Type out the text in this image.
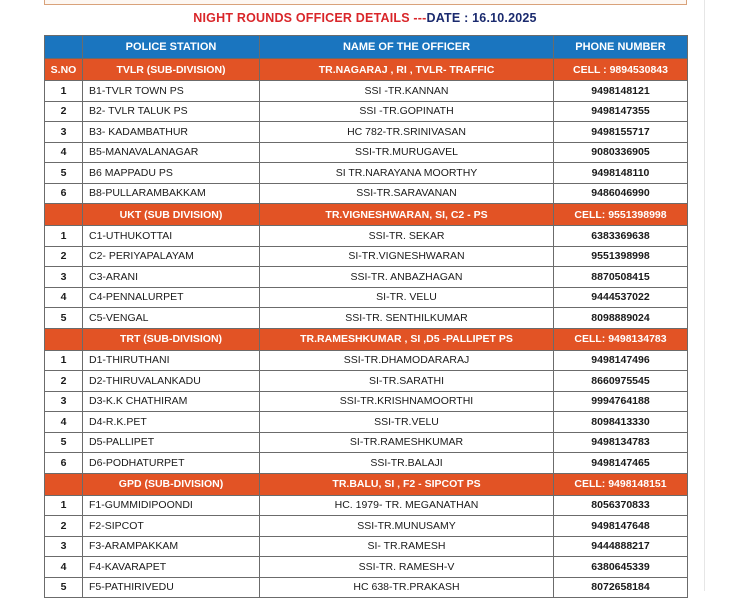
NIGHT ROUNDS OFFICER DETAILS ---DATE : 16.10.2025
	POLICE STATION	NAME OF THE OFFICER	PHONE NUMBER
S.NO	TVLR (SUB-DIVISION)	TR.NAGARAJ , RI , TVLR- TRAFFIC	CELL : 9894530843
1	B1-TVLR TOWN PS	SSI -TR.KANNAN	9498148121
2	B2- TVLR TALUK PS	SSI -TR.GOPINATH	9498147355
3	B3- KADAMBATHUR	HC 782-TR.SRINIVASAN	9498155717
4	B5-MANAVALANAGAR	SSI-TR.MURUGAVEL	9080336905
5	B6 MAPPADU PS	SI TR.NARAYANA MOORTHY	9498148110
6	B8-PULLARAMBAKKAM	SSI-TR.SARAVANAN	9486046990
	UKT (SUB DIVISION)	TR.VIGNESHWARAN, SI, C2 - PS	CELL: 9551398998
1	C1-UTHUKOTTAI	SSI-TR. SEKAR	6383369638
2	C2- PERIYAPALAYAM	SI-TR.VIGNESHWARAN	9551398998
3	C3-ARANI	SSI-TR. ANBAZHAGAN	8870508415
4	C4-PENNALURPET	SI-TR. VELU	9444537022
5	C5-VENGAL	SSI-TR. SENTHILKUMAR	8098889024
	TRT (SUB-DIVISION)	TR.RAMESHKUMAR , SI ,D5 -PALLIPET PS	CELL: 9498134783
1	D1-THIRUTHANI	SSI-TR.DHAMODARARAJ	9498147496
2	D2-THIRUVALANKADU	SI-TR.SARATHI	8660975545
3	D3-K.K CHATHIRAM	SSI-TR.KRISHNAMOORTHI	9994764188
4	D4-R.K.PET	SSI-TR.VELU	8098413330
5	D5-PALLIPET	SI-TR.RAMESHKUMAR	9498134783
6	D6-PODHATURPET	SSI-TR.BALAJI	9498147465
	GPD (SUB-DIVISION)	TR.BALU, SI , F2 - SIPCOT PS	CELL: 9498148151
1	F1-GUMMIDIPOONDI	HC. 1979- TR. MEGANATHAN	8056370833
2	F2-SIPCOT	SSI-TR.MUNUSAMY	9498147648
3	F3-ARAMPAKKAM	SI- TR.RAMESH	9444888217
4	F4-KAVARAPET	SSI-TR. RAMESH-V	6380645339
5	F5-PATHIRIVEDU	HC 638-TR.PRAKASH	8072658184
